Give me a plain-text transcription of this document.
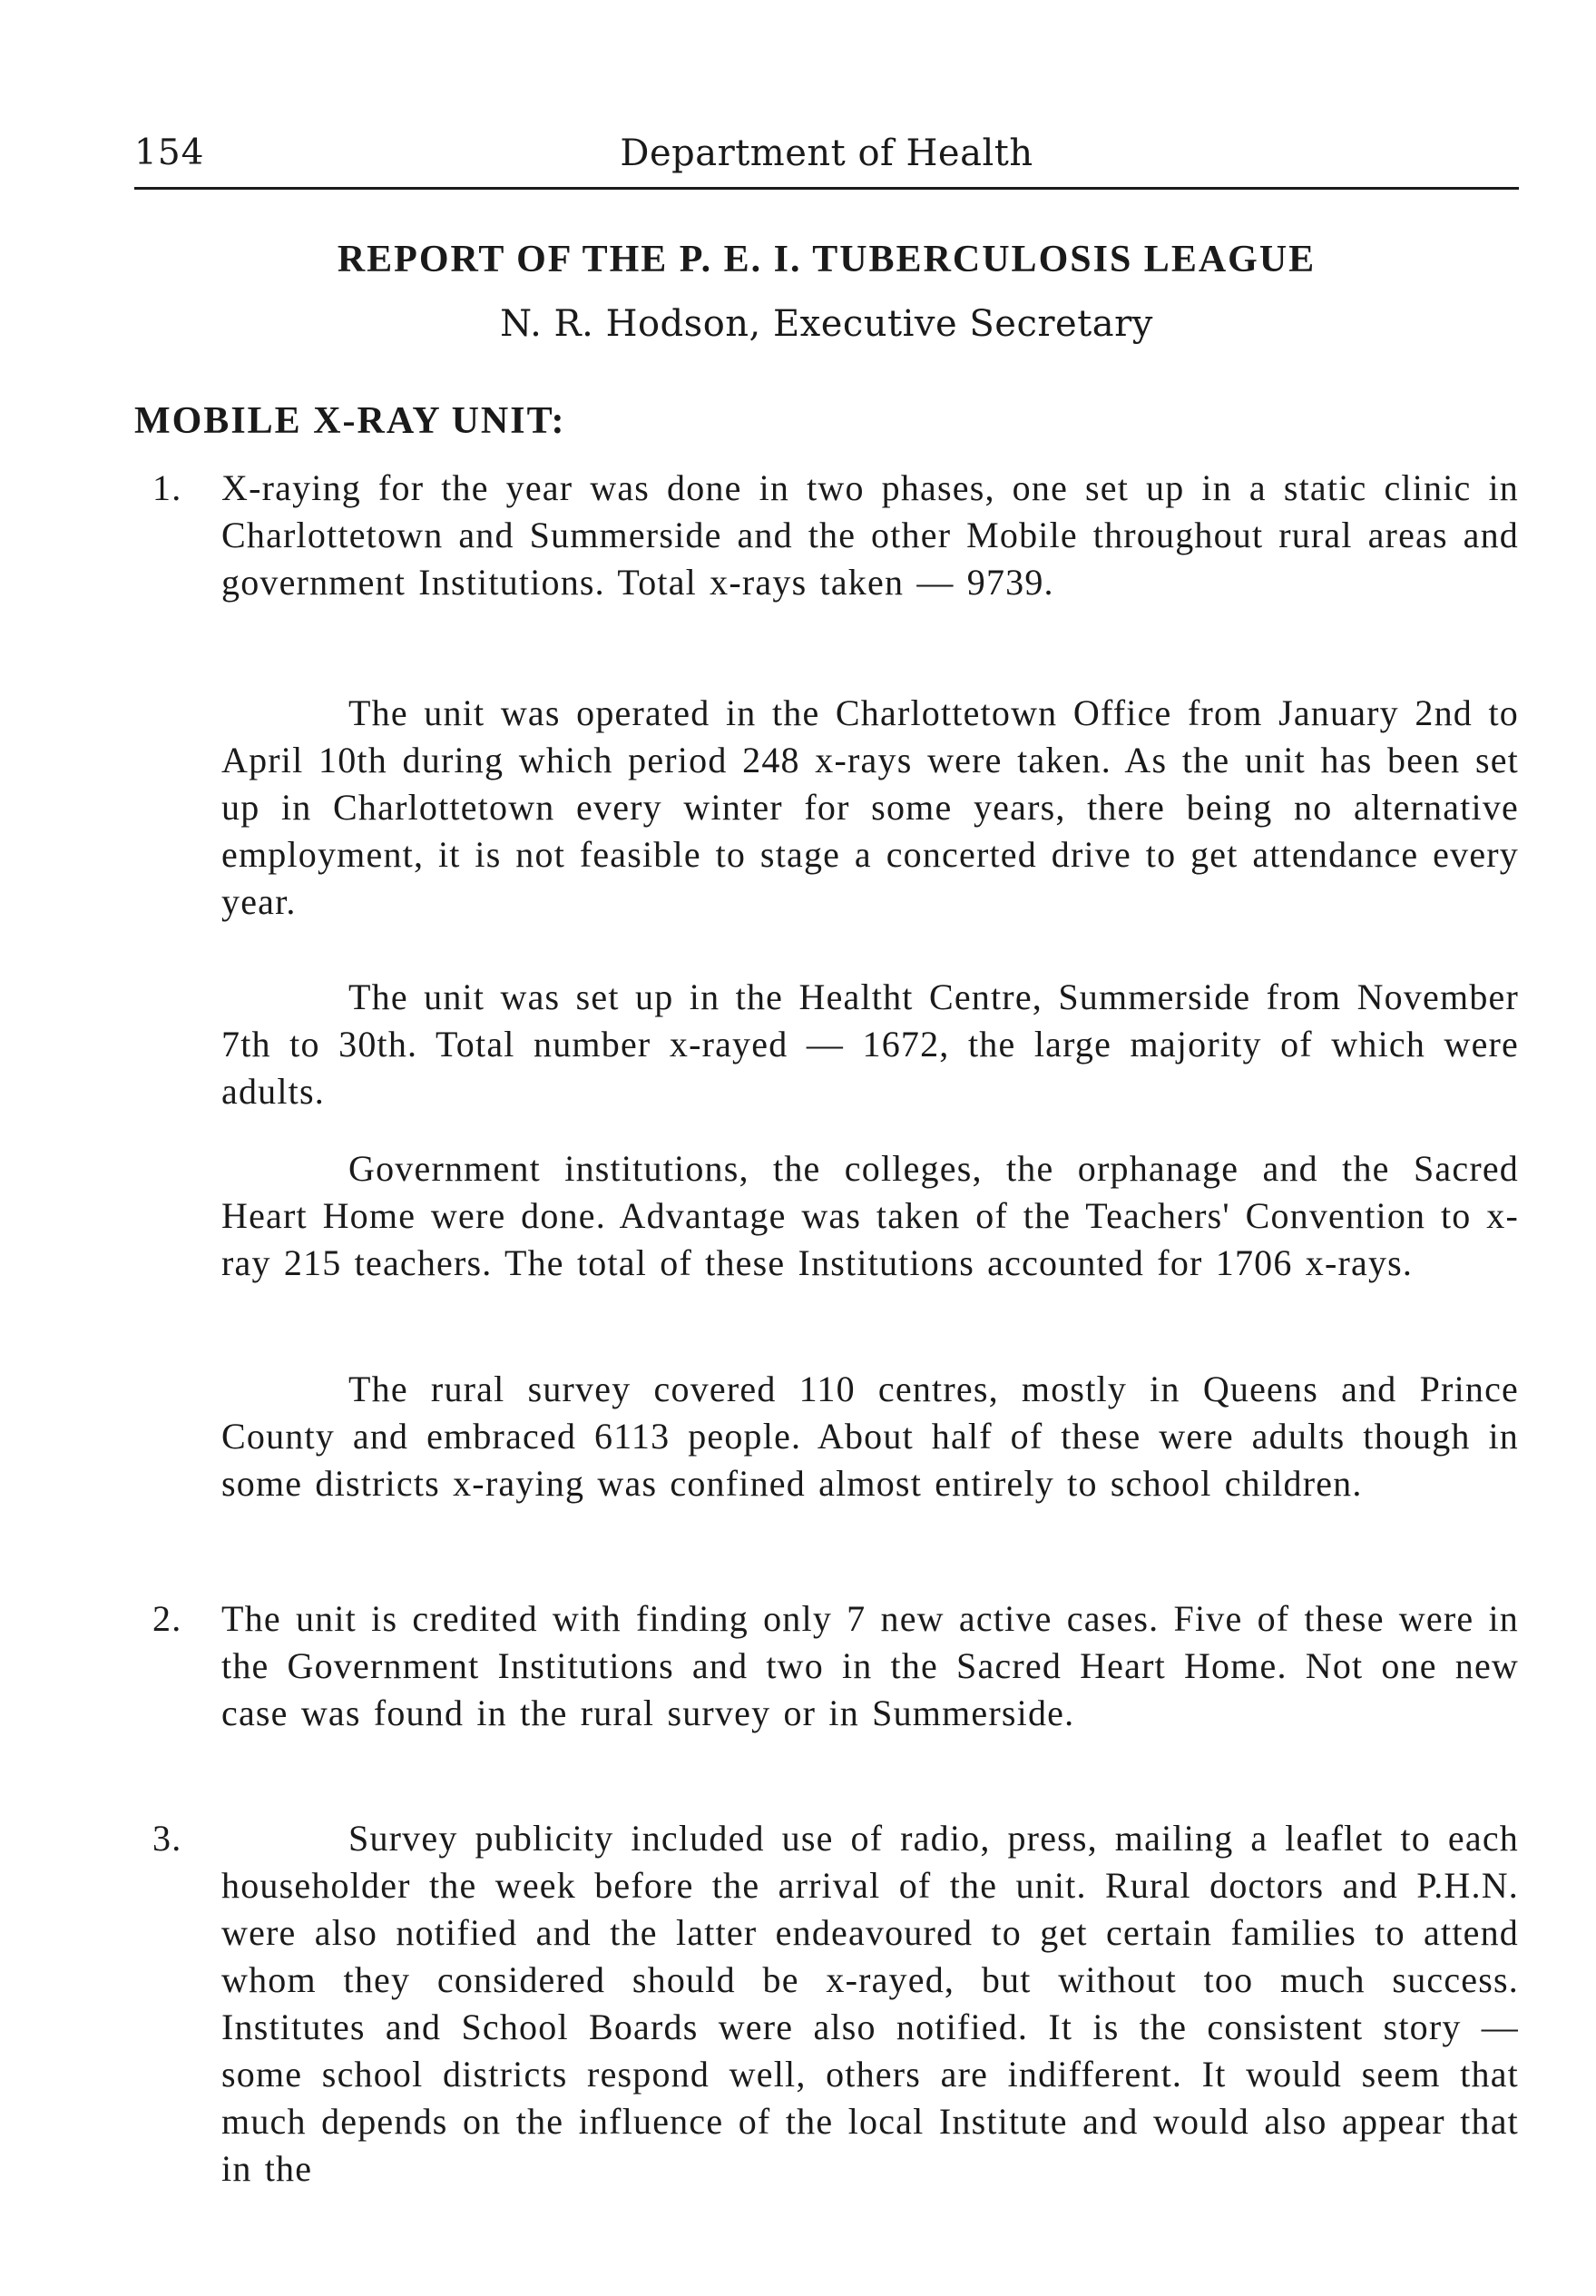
154	Department of Health
REPORT OF THE P. E. I. TUBERCULOSIS LEAGUE
N. R. Hodson, Executive Secretary
MOBILE X-RAY UNIT:
1. X-raying for the year was done in two phases, one set up in a static clinic in Charlottetown and Summerside and the other Mobile throughout rural areas and government Institutions. Total x-rays taken — 9739.

The unit was operated in the Charlottetown Office from January 2nd to April 10th during which period 248 x-rays were taken. As the unit has been set up in Charlottetown every winter for some years, there being no alternative employment, it is not feasible to stage a concerted drive to get attendance every year.

The unit was set up in the Healtht Centre, Summerside from November 7th to 30th. Total number x-rayed — 1672, the large majority of which were adults.

Government institutions, the colleges, the orphanage and the Sacred Heart Home were done. Advantage was taken of the Teachers' Convention to x-ray 215 teachers. The total of these Institutions accounted for 1706 x-rays.

The rural survey covered 110 centres, mostly in Queens and Prince County and embraced 6113 people. About half of these were adults though in some districts x-raying was confined almost entirely to school children.

2. The unit is credited with finding only 7 new active cases. Five of these were in the Government Institutions and two in the Sacred Heart Home. Not one new case was found in the rural survey or in Summerside.

3.	Survey publicity included use of radio, press, mailing a leaflet to each householder the week before the arrival of the unit. Rural doctors and P.H.N. were also notified and the latter endeavoured to get certain families to attend whom they considered should be x-rayed, but without too much success. Institutes and School Boards were also notified. It is the consistent story — some school districts respond well, others are indifferent. It would seem that much depends on the influence of the local Institute and would also appear that in the
